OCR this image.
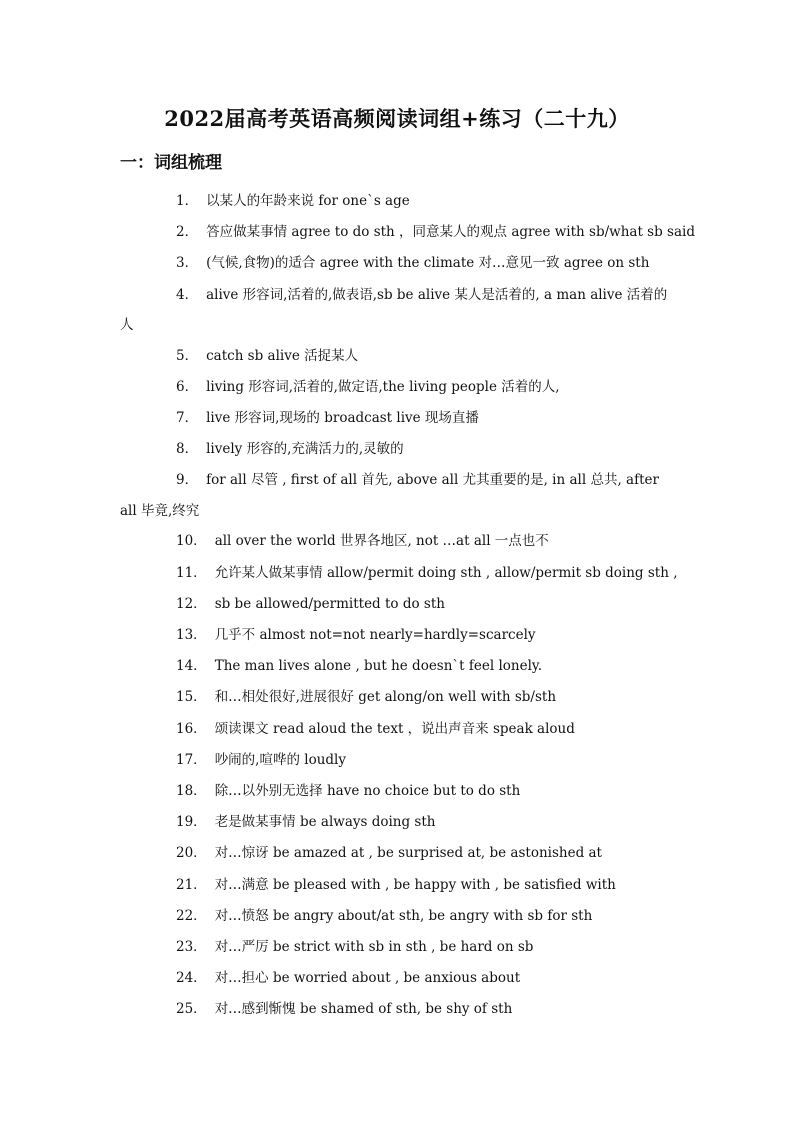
2022届高考英语高频阅读词组+练习（二十九）
一：词组梳理
1． 以某人的年龄来说 for one`s age
2． 答应做某事情 agree to do sth ，同意某人的观点 agree with sb/what sb said
3． (气候,食物)的适合 agree with the climate 对…意见一致 agree on sth
4． alive 形容词,活着的,做表语,sb be alive 某人是活着的, a man alive 活着的人
5． catch sb alive 活捉某人
6． living 形容词,活着的,做定语,the living people 活着的人,
7． live 形容词,现场的 broadcast live 现场直播
8． lively 形容的,充满活力的,灵敏的
9． for all 尽管 , first of all 首先, above all 尤其重要的是, in all 总共, after all 毕竟,终究
10． all over the world 世界各地区, not …at all 一点也不
11． 允许某人做某事情 allow/permit doing sth , allow/permit sb doing sth ,
12． sb be allowed/permitted to do sth
13． 几乎不 almost not=not nearly=hardly=scarcely
14． The man lives alone , but he doesn`t feel lonely.
15． 和…相处很好,进展很好 get along/on well with sb/sth
16． 颂读课文 read aloud the text ，说出声音来 speak aloud
17． 吵闹的,喧哗的 loudly
18． 除…以外别无选择 have no choice but to do sth
19． 老是做某事情 be always doing sth
20． 对…惊讶 be amazed at , be surprised at, be astonished at
21． 对…满意 be pleased with , be happy with , be satisfied with
22． 对…愤怒 be angry about/at sth, be angry with sb for sth
23． 对…严厉 be strict with sb in sth , be hard on sb
24． 对…担心 be worried about , be anxious about
25． 对…感到惭愧 be shamed of sth, be shy of sth
